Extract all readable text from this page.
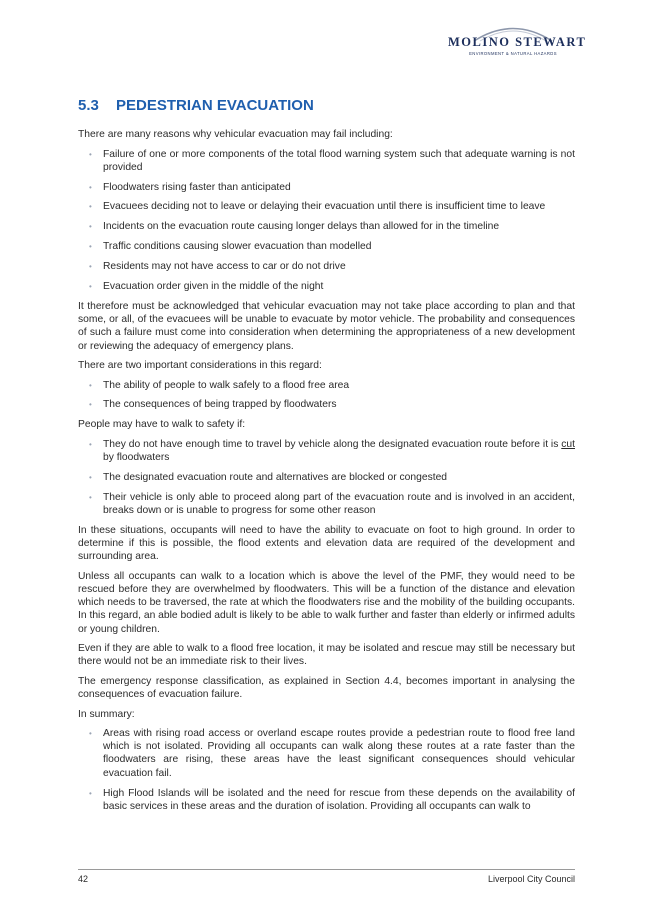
MOLINO STEWART
ENVIRONMENT & NATURAL HAZARDS
5.3 PEDESTRIAN EVACUATION

There are many reasons why vehicular evacuation may fail including:

• Failure of one or more components of the total flood warning system such that adequate warning is not provided
• Floodwaters rising faster than anticipated
• Evacuees deciding not to leave or delaying their evacuation until there is insufficient time to leave
• Incidents on the evacuation route causing longer delays than allowed for in the timeline
• Traffic conditions causing slower evacuation than modelled
• Residents may not have access to car or do not drive
• Evacuation order given in the middle of the night

It therefore must be acknowledged that vehicular evacuation may not take place according to plan and that some, or all, of the evacuees will be unable to evacuate by motor vehicle. The probability and consequences of such a failure must come into consideration when determining the appropriateness of a new development or reviewing the adequacy of emergency plans.

There are two important considerations in this regard:

• The ability of people to walk safely to a flood free area
• The consequences of being trapped by floodwaters

People may have to walk to safety if:

• They do not have enough time to travel by vehicle along the designated evacuation route before it is cut by floodwaters
• The designated evacuation route and alternatives are blocked or congested
• Their vehicle is only able to proceed along part of the evacuation route and is involved in an accident, breaks down or is unable to progress for some other reason

In these situations, occupants will need to have the ability to evacuate on foot to high ground. In order to determine if this is possible, the flood extents and elevation data are required of the development and surrounding area.

Unless all occupants can walk to a location which is above the level of the PMF, they would need to be rescued before they are overwhelmed by floodwaters. This will be a function of the distance and elevation which needs to be traversed, the rate at which the floodwaters rise and the mobility of the building occupants. In this regard, an able bodied adult is likely to be able to walk further and faster than elderly or infirmed adults or young children.

Even if they are able to walk to a flood free location, it may be isolated and rescue may still be necessary but there would not be an immediate risk to their lives.

The emergency response classification, as explained in Section 4.4, becomes important in analysing the consequences of evacuation failure.

In summary:

• Areas with rising road access or overland escape routes provide a pedestrian route to flood free land which is not isolated. Providing all occupants can walk along these routes at a rate faster than the floodwaters are rising, these areas have the least significant consequences should vehicular evacuation fail.
• High Flood Islands will be isolated and the need for rescue from these depends on the availability of basic services in these areas and the duration of isolation. Providing all occupants can walk to
42	Liverpool City Council
